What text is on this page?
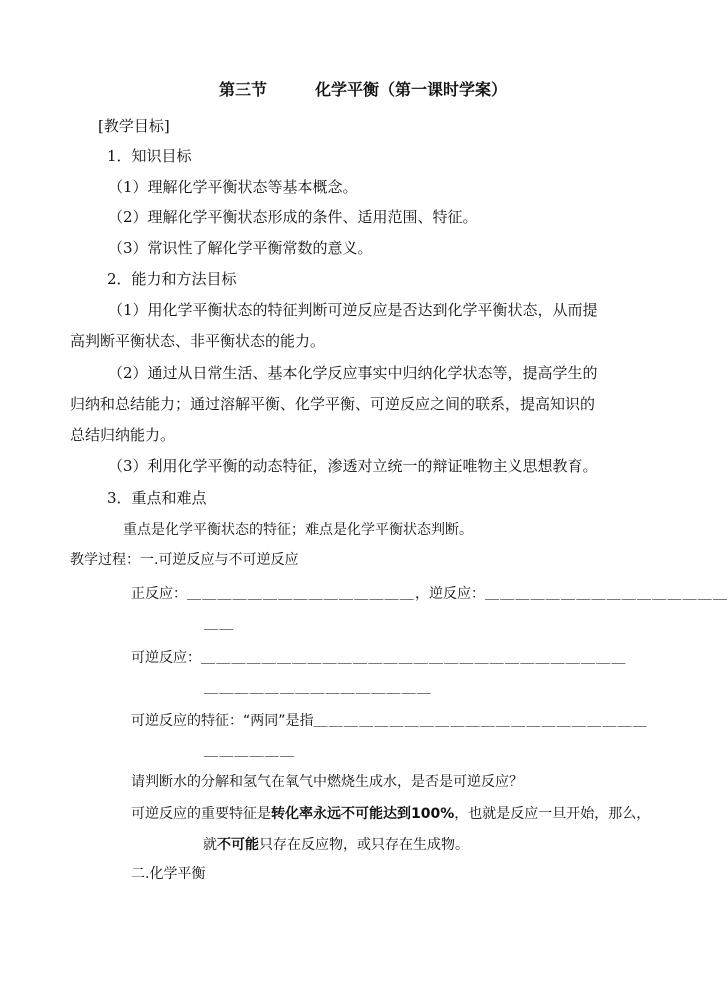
第三节	化学平衡（第一课时学案）
[教学目标]
1．知识目标
（1）理解化学平衡状态等基本概念。
（2）理解化学平衡状态形成的条件、适用范围、特征。
（3）常识性了解化学平衡常数的意义。
2．能力和方法目标
（1）用化学平衡状态的特征判断可逆反应是否达到化学平衡状态，从而提
高判断平衡状态、非平衡状态的能力。
（2）通过从日常生活、基本化学反应事实中归纳化学状态等，提高学生的
归纳和总结能力；通过溶解平衡、化学平衡、可逆反应之间的联系，提高知识的
总结归纳能力。
（3）利用化学平衡的动态特征，渗透对立统一的辩证唯物主义思想教育。
3．重点和难点
重点是化学平衡状态的特征；难点是化学平衡状态判断。
教学过程：一.可逆反应与不可逆反应
正反应：＿＿＿＿＿＿＿＿＿＿＿＿＿＿＿，逆反应：＿＿＿＿＿＿＿＿＿＿＿＿＿＿＿＿
＿＿
可逆反应：＿＿＿＿＿＿＿＿＿＿＿＿＿＿＿＿＿＿＿＿＿＿＿＿＿＿＿＿
＿＿＿＿＿＿＿＿＿＿＿＿＿＿＿
可逆反应的特征：“两同”是指＿＿＿＿＿＿＿＿＿＿＿＿＿＿＿＿＿＿＿＿＿＿
＿＿＿＿＿＿
请判断水的分解和氢气在氧气中燃烧生成水，是否是可逆反应？
可逆反应的重要特征是转化率永远不可能达到100%，也就是反应一旦开始，那么，
就不可能只存在反应物，或只存在生成物。
二.化学平衡
